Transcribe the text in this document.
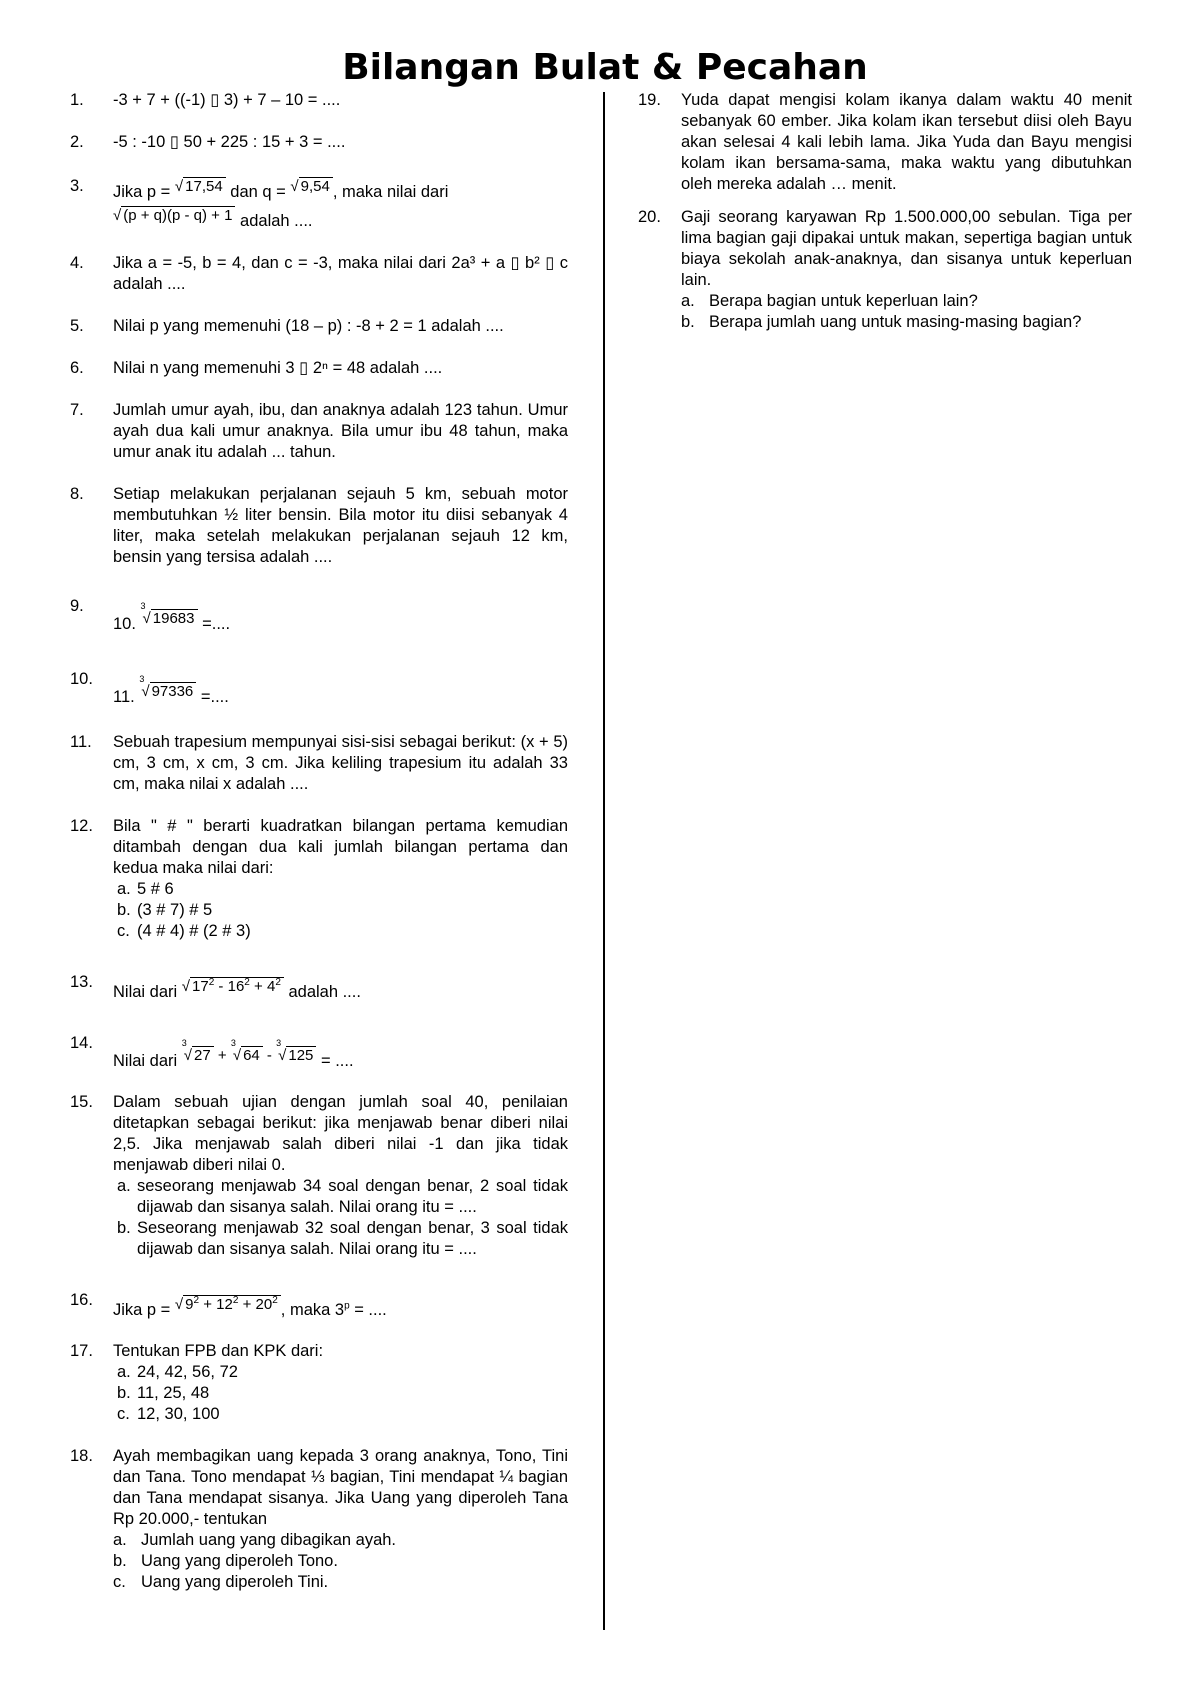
Bilangan Bulat & Pecahan
1. -3 + 7 + ((-1) ▯ 3) + 7 – 10 = ....
2. -5 : -10 ▯ 50 + 225 : 15 + 3 = ....
3. Jika p = √ 17,54 dan q = √ 9,54 , maka nilai dari
√ (p + q)(p - q) + 1 adalah ....
4. Jika a = -5, b = 4, dan c = -3, maka nilai dari 2a³ + a ▯ b² ▯ c adalah ....
5. Nilai p yang memenuhi (18 – p) : -8 + 2 = 1 adalah ....
6. Nilai n yang memenuhi 3 ▯ 2ⁿ = 48 adalah ....
7. Jumlah umur ayah, ibu, dan anaknya adalah 123 tahun. Umur ayah dua kali umur anaknya. Bila umur ibu 48 tahun, maka umur anak itu adalah ... tahun.
8. Setiap melakukan perjalanan sejauh 5 km, sebuah motor membutuhkan ½ liter bensin. Bila motor itu diisi sebanyak 4 liter, maka setelah melakukan perjalanan sejauh 12 km, bensin yang tersisa adalah ....
9.
10. $^3$√ 19683 =....
10.
11. $^3$√ 97336 =....
11. Sebuah trapesium mempunyai sisi-sisi sebagai berikut: (x + 5) cm, 3 cm, x cm, 3 cm. Jika keliling trapesium itu adalah 33 cm, maka nilai x adalah ....
12. Bila " # " berarti kuadratkan bilangan pertama kemudian ditambah dengan dua kali jumlah bilangan pertama dan kedua maka nilai dari:
a. 5 # 6
b. (3 # 7) # 5
c. (4 # 4) # (2 # 3)
13.
Nilai dari √ $17^2 - 16^2 + 4^2$ adalah ....
14.
Nilai dari $^3$√ 27 + $^3$√ 64 - $^3$√ 125 = ....
15. Dalam sebuah ujian dengan jumlah soal 40, penilaian ditetapkan sebagai berikut: jika menjawab benar diberi nilai 2,5. Jika menjawab salah diberi nilai -1 dan jika tidak menjawab diberi nilai 0.
a. seseorang menjawab 34 soal dengan benar, 2 soal tidak dijawab dan sisanya salah. Nilai orang itu = ....
b. Seseorang menjawab 32 soal dengan benar, 3 soal tidak dijawab dan sisanya salah. Nilai orang itu = ....
16.
Jika p = √ $9^2 + 12^2 + 20^2$, maka $3^p$ = ....
17. Tentukan FPB dan KPK dari:
a. 24, 42, 56, 72
b. 11, 25, 48
c. 12, 30, 100
18. Ayah membagikan uang kepada 3 orang anaknya, Tono, Tini dan Tana. Tono mendapat ⅓ bagian, Tini mendapat ¼ bagian dan Tana mendapat sisanya. Jika Uang yang diperoleh Tana Rp 20.000,- tentukan
a. Jumlah uang yang dibagikan ayah.
b. Uang yang diperoleh Tono.
c. Uang yang diperoleh Tini.
19. Yuda dapat mengisi kolam ikanya dalam waktu 40 menit sebanyak 60 ember. Jika kolam ikan tersebut diisi oleh Bayu akan selesai 4 kali lebih lama. Jika Yuda dan Bayu mengisi kolam ikan bersama-sama, maka waktu yang dibutuhkan oleh mereka adalah … menit.
20. Gaji seorang karyawan Rp 1.500.000,00 sebulan. Tiga per lima bagian gaji dipakai untuk makan, sepertiga bagian untuk biaya sekolah anak-anaknya, dan sisanya untuk keperluan lain.
a. Berapa bagian untuk keperluan lain?
b. Berapa jumlah uang untuk masing-masing bagian?
